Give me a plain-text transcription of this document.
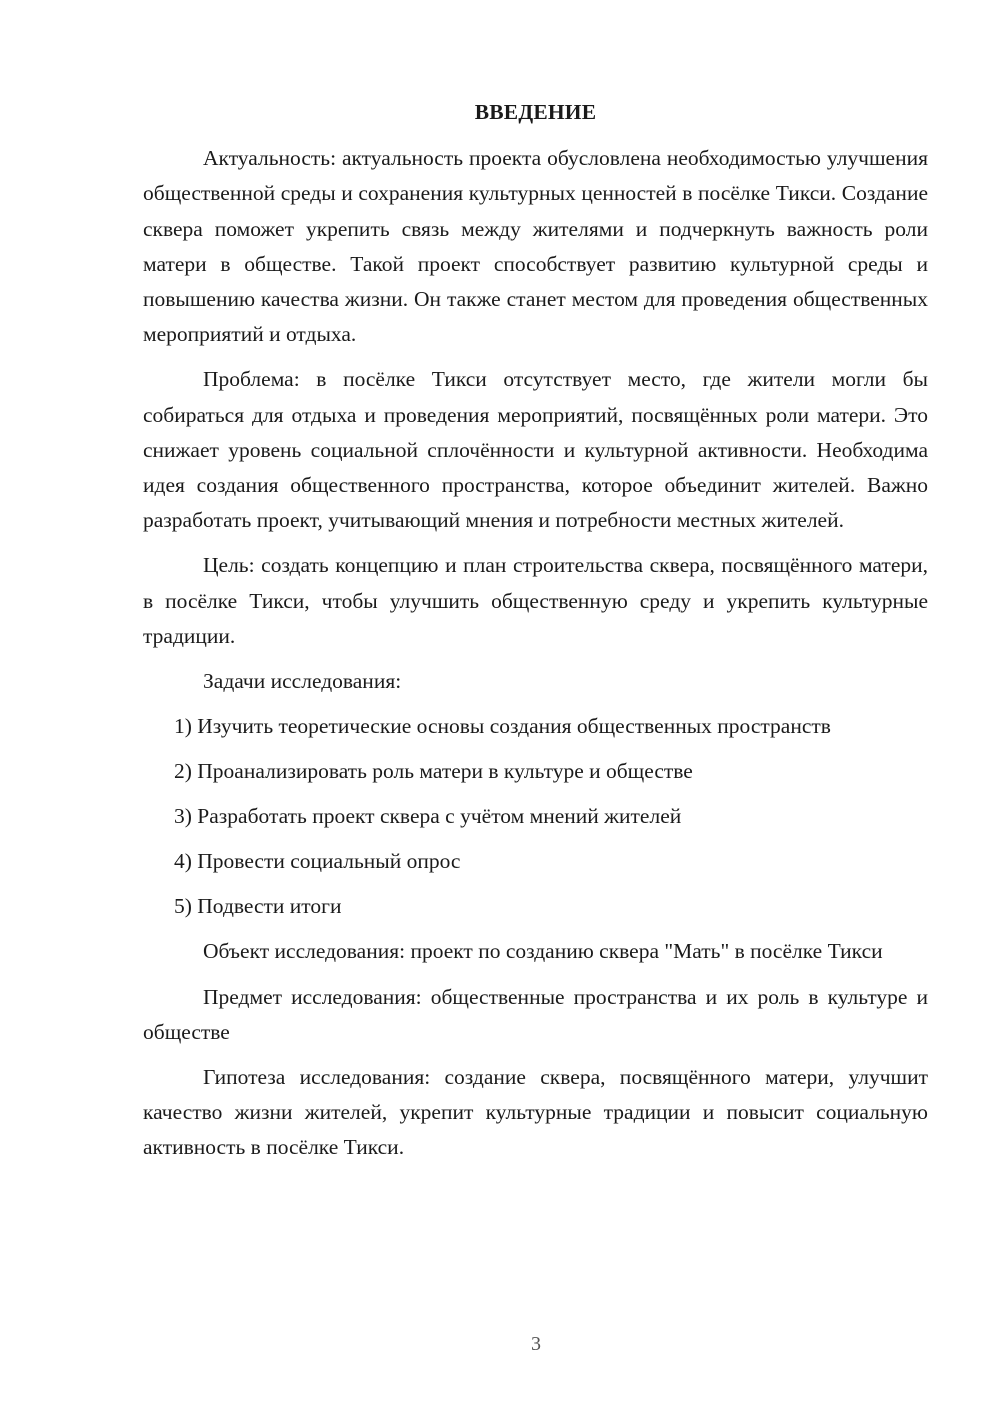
ВВЕДЕНИЕ

Актуальность: актуальность проекта обусловлена необходимостью улучшения общественной среды и сохранения культурных ценностей в посёлке Тикси. Создание сквера поможет укрепить связь между жителями и подчеркнуть важность роли матери в обществе. Такой проект способствует развитию культурной среды и повышению качества жизни. Он также станет местом для проведения общественных мероприятий и отдыха.

Проблема: в посёлке Тикси отсутствует место, где жители могли бы собираться для отдыха и проведения мероприятий, посвящённых роли матери. Это снижает уровень социальной сплочённости и культурной активности. Необходима идея создания общественного пространства, которое объединит жителей. Важно разработать проект, учитывающий мнения и потребности местных жителей.

Цель: создать концепцию и план строительства сквера, посвящённого матери, в посёлке Тикси, чтобы улучшить общественную среду и укрепить культурные традиции.

Задачи исследования:
1) Изучить теоретические основы создания общественных пространств
2) Проанализировать роль матери в культуре и обществе
3) Разработать проект сквера с учётом мнений жителей
4) Провести социальный опрос
5) Подвести итоги

Объект исследования: проект по созданию сквера "Мать" в посёлке Тикси

Предмет исследования: общественные пространства и их роль в культуре и обществе

Гипотеза исследования: создание сквера, посвящённого матери, улучшит качество жизни жителей, укрепит культурные традиции и повысит социальную активность в посёлке Тикси.

3
